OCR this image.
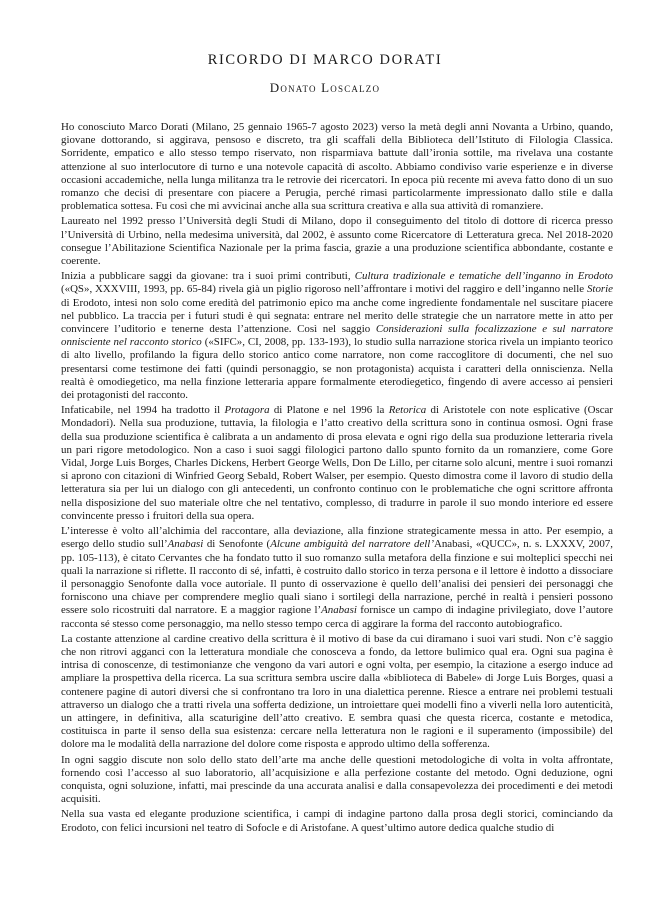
RICORDO DI MARCO DORATI
Donato Loscalzo

Ho conosciuto Marco Dorati (Milano, 25 gennaio 1965-7 agosto 2023) verso la metà degli anni Novanta a Urbino, quando, giovane dottorando, si aggirava, pensoso e discreto, tra gli scaffali della Biblioteca dell’Istituto di Filologia Classica. Sorridente, empatico e allo stesso tempo riservato, non risparmiava battute dall’ironia sottile, ma rivelava una costante attenzione al suo interlocutore di turno e una notevole capacità di ascolto. Abbiamo condiviso varie esperienze e in diverse occasioni accademiche, nella lunga militanza tra le retrovie dei ricercatori. In epoca più recente mi aveva fatto dono di un suo romanzo che decisi di presentare con piacere a Perugia, perché rimasi particolarmente impressionato dallo stile e dalla problematica sottesa. Fu così che mi avvicinai anche alla sua scrittura creativa e alla sua attività di romanziere.

Laureato nel 1992 presso l’Università degli Studi di Milano, dopo il conseguimento del titolo di dottore di ricerca presso l’Università di Urbino, nella medesima università, dal 2002, è assunto come Ricercatore di Letteratura greca. Nel 2018-2020 consegue l’Abilitazione Scientifica Nazionale per la prima fascia, grazie a una produzione scientifica abbondante, costante e coerente.

Inizia a pubblicare saggi da giovane: tra i suoi primi contributi, Cultura tradizionale e tematiche dell’inganno in Erodoto («QS», XXXVIII, 1993, pp. 65-84) rivela già un piglio rigoroso nell’affrontare i motivi del raggiro e dell’inganno nelle Storie di Erodoto, intesi non solo come eredità del patrimonio epico ma anche come ingrediente fondamentale nel suscitare piacere nel pubblico. La traccia per i futuri studi è qui segnata: entrare nel merito delle strategie che un narratore mette in atto per convincere l’uditorio e tenerne desta l’attenzione. Così nel saggio Considerazioni sulla focalizzazione e sul narratore onnisciente nel racconto storico («SIFC», CI, 2008, pp. 133-193), lo studio sulla narrazione storica rivela un impianto teorico di alto livello, profilando la figura dello storico antico come narratore, non come raccoglitore di documenti, che nel suo presentarsi come testimone dei fatti (quindi personaggio, se non protagonista) acquista i caratteri della onniscienza. Nella realtà è omodiegetico, ma nella finzione letteraria appare formalmente eterodiegetico, fingendo di avere accesso ai pensieri dei protagonisti del racconto.

Infaticabile, nel 1994 ha tradotto il Protagora di Platone e nel 1996 la Retorica di Aristotele con note esplicative (Oscar Mondadori). Nella sua produzione, tuttavia, la filologia e l’atto creativo della scrittura sono in continua osmosi. Ogni frase della sua produzione scientifica è calibrata a un andamento di prosa elevata e ogni rigo della sua produzione letteraria rivela un pari rigore metodologico. Non a caso i suoi saggi filologici partono dallo spunto fornito da un romanziere, come Gore Vidal, Jorge Luis Borges, Charles Dickens, Herbert George Wells, Don De Lillo, per citarne solo alcuni, mentre i suoi romanzi si aprono con citazioni di Winfried Georg Sebald, Robert Walser, per esempio. Questo dimostra come il lavoro di studio della letteratura sia per lui un dialogo con gli antecedenti, un confronto continuo con le problematiche che ogni scrittore affronta nella disposizione del suo materiale oltre che nel tentativo, complesso, di tradurre in parole il suo mondo interiore ed essere convincente presso i fruitori della sua opera.

L’interesse è volto all’alchimia del raccontare, alla deviazione, alla finzione strategicamente messa in atto. Per esempio, a esergo dello studio sull’Anabasi di Senofonte (Alcune ambiguità del narratore dell’Anabasi, «QUCC», n. s. LXXXV, 2007, pp. 105-113), è citato Cervantes che ha fondato tutto il suo romanzo sulla metafora della finzione e sui molteplici specchi nei quali la narrazione si riflette. Il racconto di sé, infatti, è costruito dallo storico in terza persona e il lettore è indotto a dissociare il personaggio Senofonte dalla voce autoriale. Il punto di osservazione è quello dell’analisi dei pensieri dei personaggi che forniscono una chiave per comprendere meglio quali siano i sortilegi della narrazione, perché in realtà i pensieri possono essere solo ricostruiti dal narratore. E a maggior ragione l’Anabasi fornisce un campo di indagine privilegiato, dove l’autore racconta sé stesso come personaggio, ma nello stesso tempo cerca di aggirare la forma del racconto autobiografico.

La costante attenzione al cardine creativo della scrittura è il motivo di base da cui diramano i suoi vari studi. Non c’è saggio che non ritrovi agganci con la letteratura mondiale che conosceva a fondo, da lettore bulimico qual era. Ogni sua pagina è intrisa di conoscenze, di testimonianze che vengono da vari autori e ogni volta, per esempio, la citazione a esergo induce ad ampliare la prospettiva della ricerca. La sua scrittura sembra uscire dalla «biblioteca di Babele» di Jorge Luis Borges, quasi a contenere pagine di autori diversi che si confrontano tra loro in una dialettica perenne. Riesce a entrare nei problemi testuali attraverso un dialogo che a tratti rivela una sofferta dedizione, un introiettare quei modelli fino a viverli nella loro autenticità, un attingere, in definitiva, alla scaturigine dell’atto creativo. E sembra quasi che questa ricerca, costante e metodica, costituisca in parte il senso della sua esistenza: cercare nella letteratura non le ragioni e il superamento (impossibile) del dolore ma le modalità della narrazione del dolore come risposta e approdo ultimo della sofferenza.

In ogni saggio discute non solo dello stato dell’arte ma anche delle questioni metodologiche di volta in volta affrontate, fornendo così l’accesso al suo laboratorio, all’acquisizione e alla perfezione costante del metodo. Ogni deduzione, ogni conquista, ogni soluzione, infatti, mai prescinde da una accurata analisi e dalla consapevolezza dei procedimenti e dei metodi acquisiti.

Nella sua vasta ed elegante produzione scientifica, i campi di indagine partono dalla prosa degli storici, cominciando da Erodoto, con felici incursioni nel teatro di Sofocle e di Aristofane. A quest’ultimo autore dedica qualche studio di
